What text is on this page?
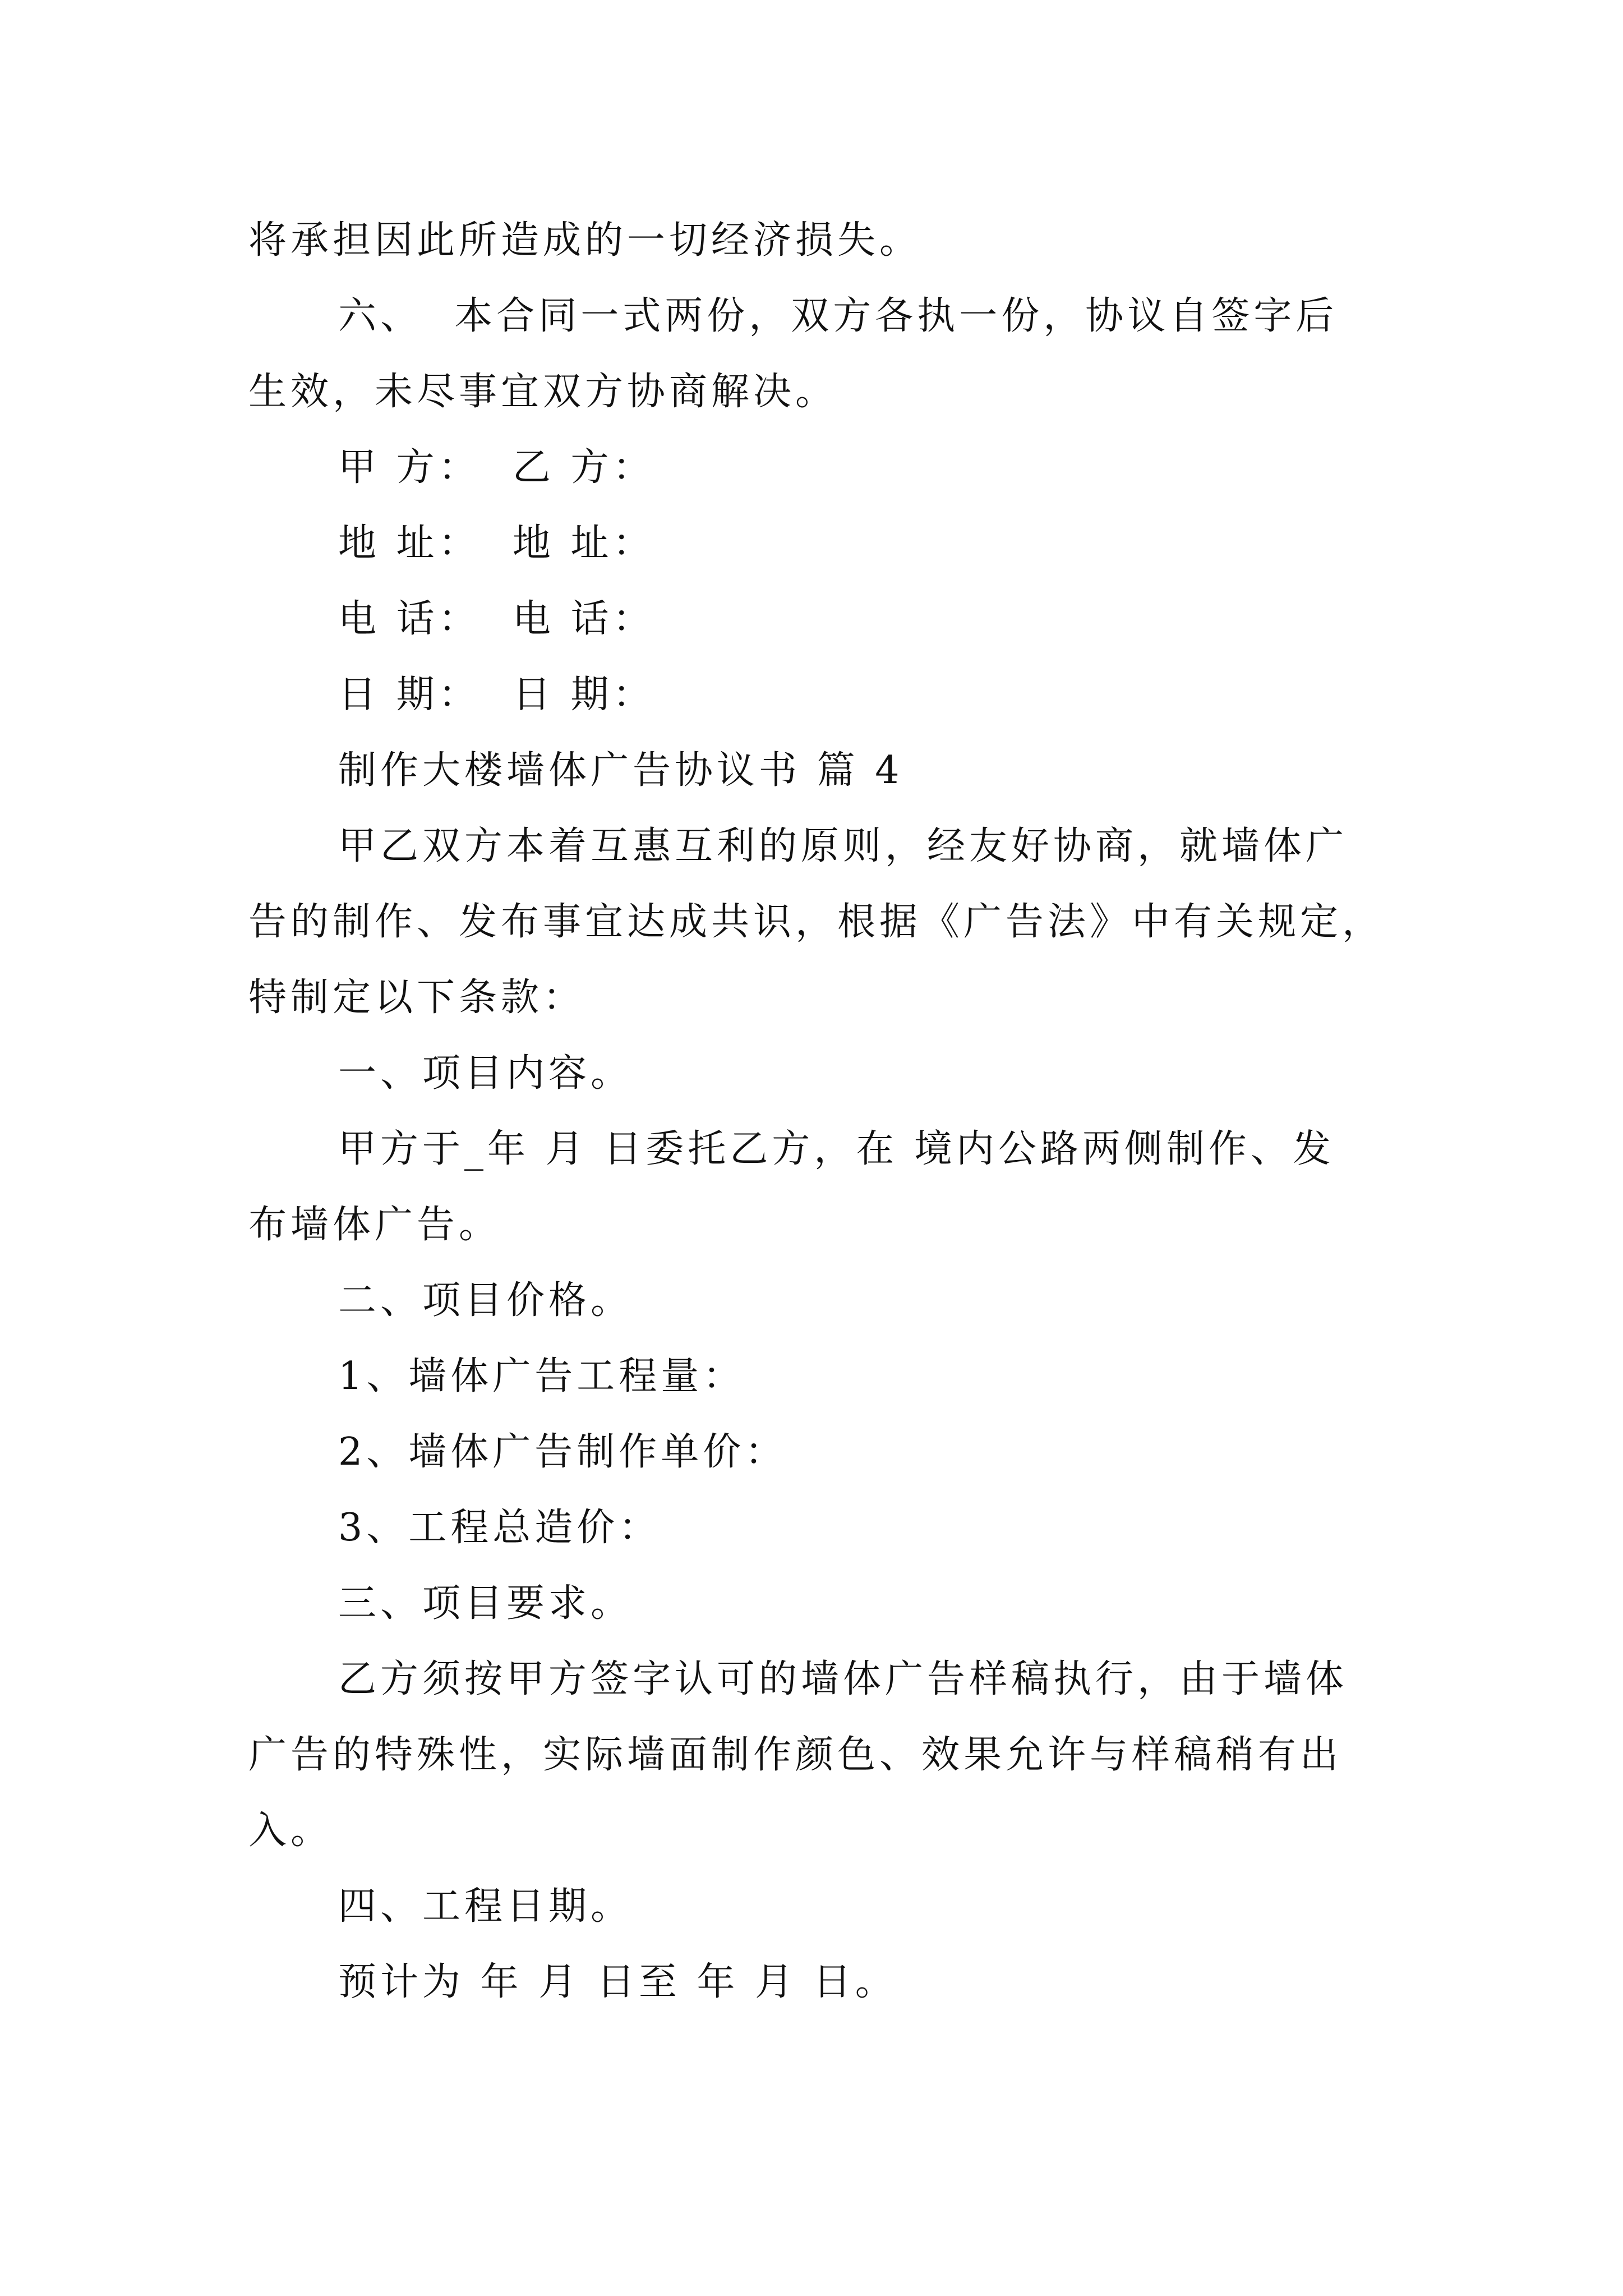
将承担因此所造成的一切经济损失。
六、  本合同一式两份，双方各执一份，协议自签字后
生效，未尽事宜双方协商解决。
甲 方：  乙 方：
地 址：  地 址：
电 话：  电 话：
日 期：  日 期：
制作大楼墙体广告协议书 篇 4
甲乙双方本着互惠互利的原则，经友好协商，就墙体广
告的制作、发布事宜达成共识，根据《广告法》中有关规定，
特制定以下条款：
一、项目内容。
甲方于_年 月 日委托乙方，在 境内公路两侧制作、发
布墙体广告。
二、项目价格。
1、墙体广告工程量：
2、墙体广告制作单价：
3、工程总造价：
三、项目要求。
乙方须按甲方签字认可的墙体广告样稿执行，由于墙体
广告的特殊性，实际墙面制作颜色、效果允许与样稿稍有出
入。
四、工程日期。
预计为 年 月 日至 年 月 日。
